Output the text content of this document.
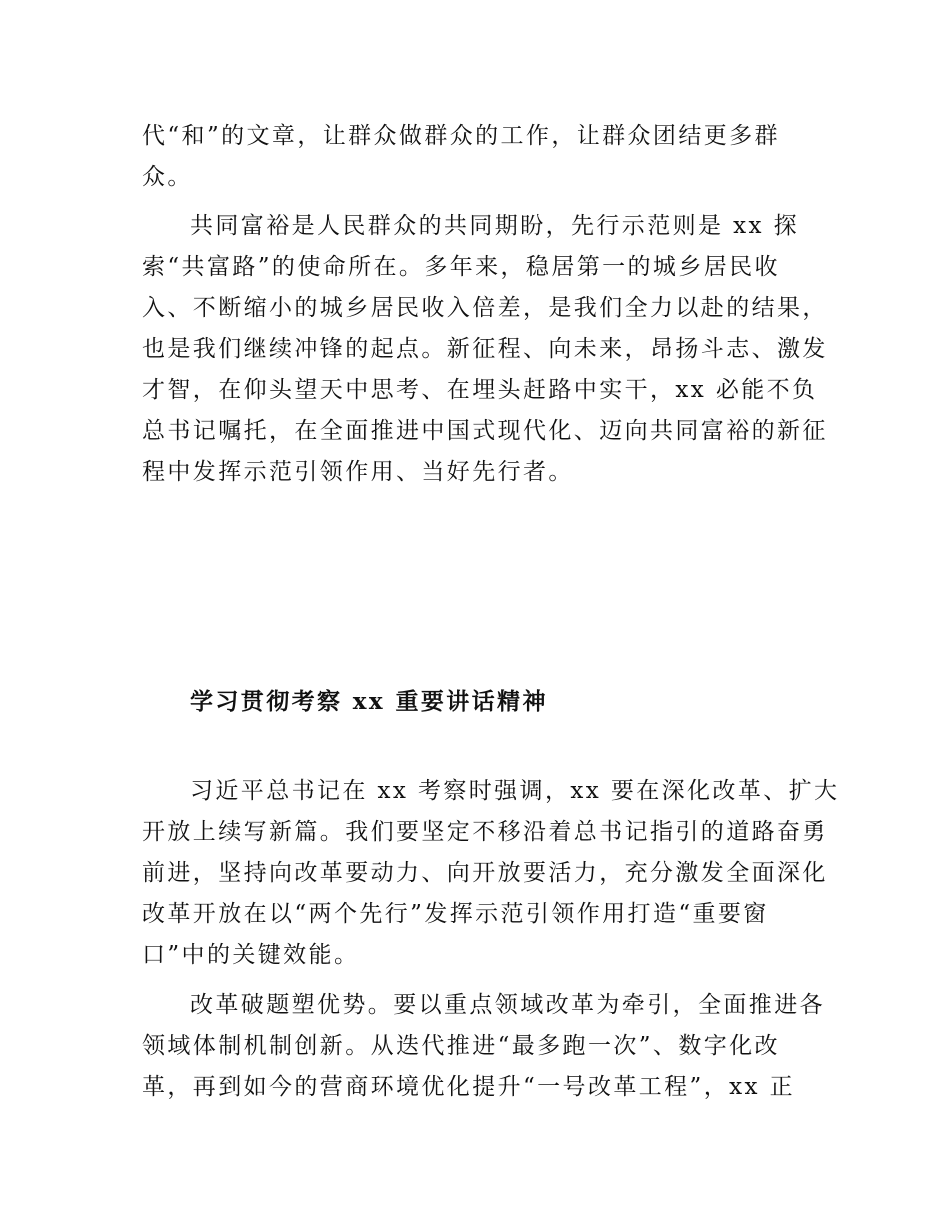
代“和”的文章，让群众做群众的工作，让群众团结更多群
众。
共同富裕是人民群众的共同期盼，先行示范则是 xx 探
索“共富路”的使命所在。多年来，稳居第一的城乡居民收
入、不断缩小的城乡居民收入倍差，是我们全力以赴的结果，
也是我们继续冲锋的起点。新征程、向未来，昂扬斗志、激发
才智，在仰头望天中思考、在埋头赶路中实干，xx 必能不负
总书记嘱托，在全面推进中国式现代化、迈向共同富裕的新征
程中发挥示范引领作用、当好先行者。
学习贯彻考察 xx 重要讲话精神
习近平总书记在 xx 考察时强调，xx 要在深化改革、扩大
开放上续写新篇。我们要坚定不移沿着总书记指引的道路奋勇
前进，坚持向改革要动力、向开放要活力，充分激发全面深化
改革开放在以“两个先行”发挥示范引领作用打造“重要窗
口”中的关键效能。
改革破题塑优势。要以重点领域改革为牵引，全面推进各
领域体制机制创新。从迭代推进“最多跑一次”、数字化改
革，再到如今的营商环境优化提升“一号改革工程”，xx 正
